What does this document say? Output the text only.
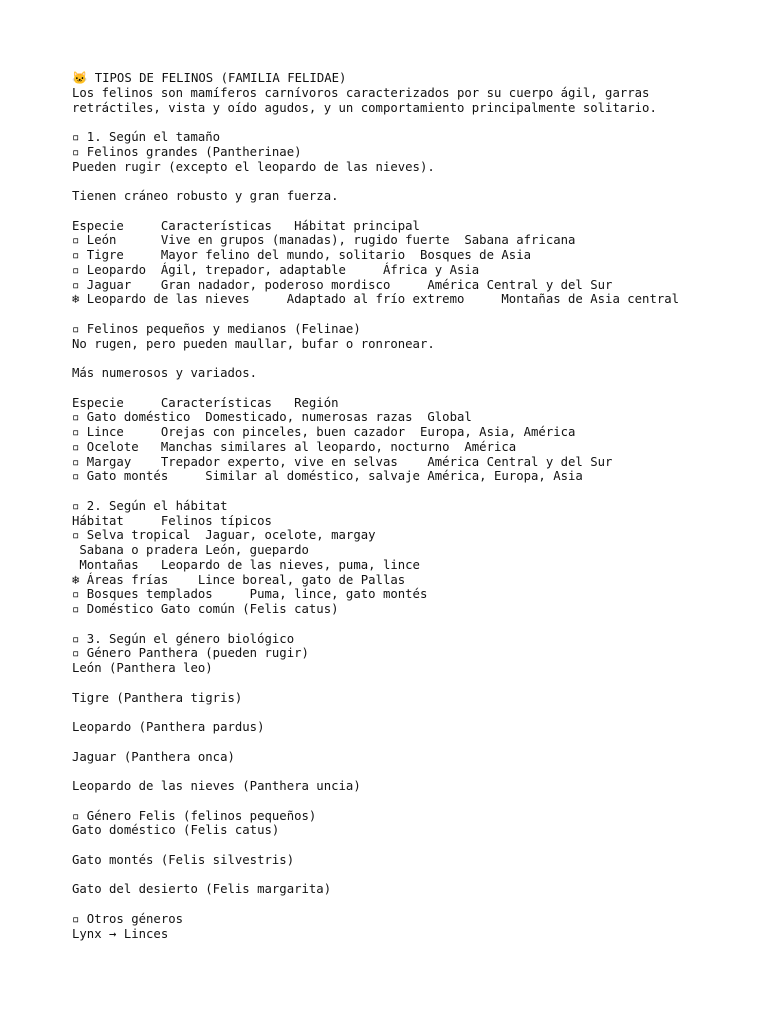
🐱 TIPOS DE FELINOS (FAMILIA FELIDAE)
Los felinos son mamíferos carnívoros caracterizados por su cuerpo ágil, garras
retráctiles, vista y oído agudos, y un comportamiento principalmente solitario.
▫ 1. Según el tamaño
▫ Felinos grandes (Pantherinae)
Pueden rugir (excepto el leopardo de las nieves).
Tienen cráneo robusto y gran fuerza.
Especie     Características   Hábitat principal
▫ León      Vive en grupos (manadas), rugido fuerte  Sabana africana
▫ Tigre     Mayor felino del mundo, solitario  Bosques de Asia
▫ Leopardo  Ágil, trepador, adaptable     África y Asia
▫ Jaguar    Gran nadador, poderoso mordisco     América Central y del Sur
❄ Leopardo de las nieves     Adaptado al frío extremo     Montañas de Asia central
▫ Felinos pequeños y medianos (Felinae)
No rugen, pero pueden maullar, bufar o ronronear.
Más numerosos y variados.
Especie     Características   Región
▫ Gato doméstico  Domesticado, numerosas razas  Global
▫ Lince     Orejas con pinceles, buen cazador  Europa, Asia, América
▫ Ocelote   Manchas similares al leopardo, nocturno  América
▫ Margay    Trepador experto, vive en selvas    América Central y del Sur
▫ Gato montés     Similar al doméstico, salvaje América, Europa, Asia
▫ 2. Según el hábitat
Hábitat     Felinos típicos
▫ Selva tropical  Jaguar, ocelote, margay
Sabana o pradera León, guepardo
Montañas   Leopardo de las nieves, puma, lince
❄ Áreas frías    Lince boreal, gato de Pallas
▫ Bosques templados     Puma, lince, gato montés
▫ Doméstico Gato común (Felis catus)
▫ 3. Según el género biológico
▫ Género Panthera (pueden rugir)
León (Panthera leo)
Tigre (Panthera tigris)
Leopardo (Panthera pardus)
Jaguar (Panthera onca)
Leopardo de las nieves (Panthera uncia)
▫ Género Felis (felinos pequeños)
Gato doméstico (Felis catus)
Gato montés (Felis silvestris)
Gato del desierto (Felis margarita)
▫ Otros géneros
Lynx → Linces
